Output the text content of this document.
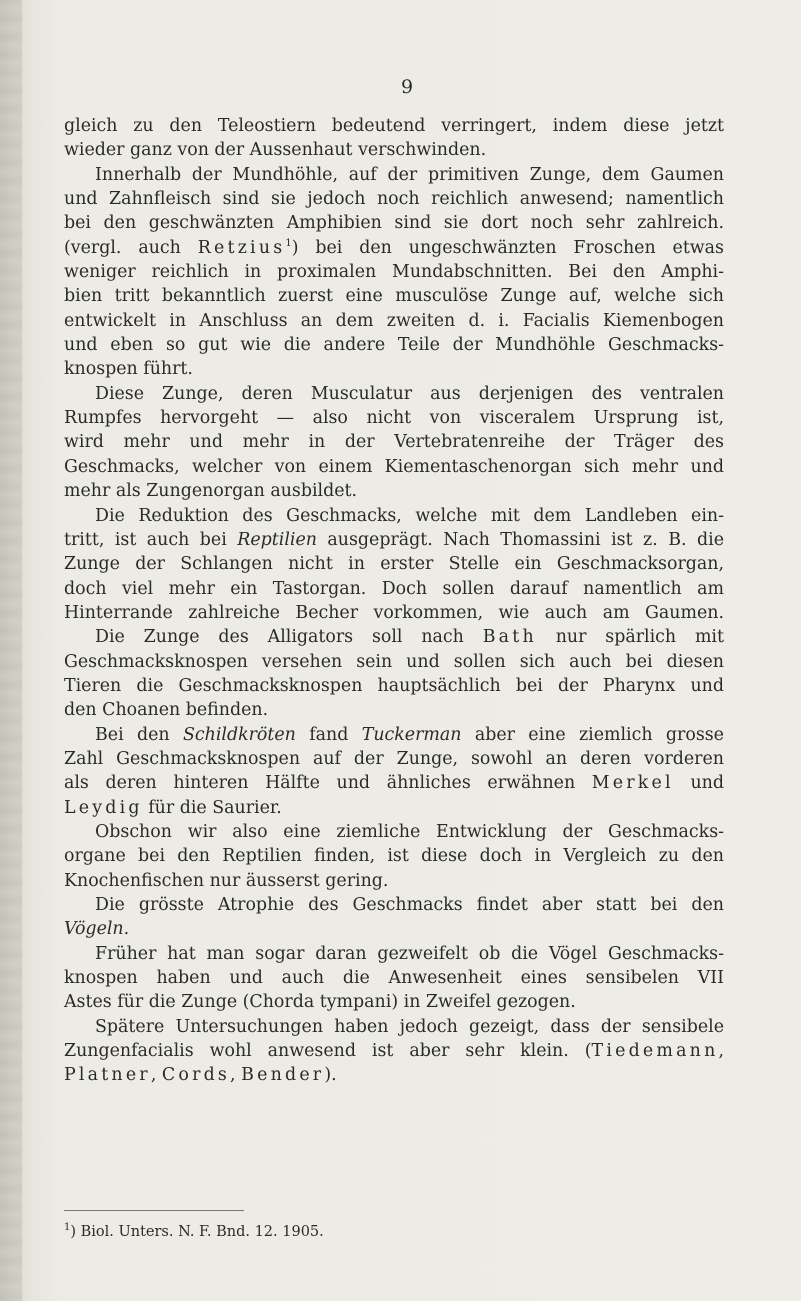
9
gleich zu den Teleostiern bedeutend verringert, indem diese jetzt
wieder ganz von der Aussenhaut verschwinden.
Innerhalb der Mundhöhle, auf der primitiven Zunge, dem Gaumen
und Zahnfleisch sind sie jedoch noch reichlich anwesend; namentlich
bei den geschwänzten Amphibien sind sie dort noch sehr zahlreich.
(vergl. auch Retzius$^1$) bei den ungeschwänzten Froschen etwas
weniger reichlich in proximalen Mundabschnitten. Bei den Amphi-
bien tritt bekanntlich zuerst eine musculöse Zunge auf, welche sich
entwickelt in Anschluss an dem zweiten d. i. Facialis Kiemenbogen
und eben so gut wie die andere Teile der Mundhöhle Geschmacks-
knospen führt.
Diese Zunge, deren Musculatur aus derjenigen des ventralen
Rumpfes hervorgeht — also nicht von visceralem Ursprung ist,
wird mehr und mehr in der Vertebratenreihe der Träger des
Geschmacks, welcher von einem Kiementaschenorgan sich mehr und
mehr als Zungenorgan ausbildet.
Die Reduktion des Geschmacks, welche mit dem Landleben ein-
tritt, ist auch bei Reptilien ausgeprägt. Nach Thomassini ist z. B. die
Zunge der Schlangen nicht in erster Stelle ein Geschmacksorgan,
doch viel mehr ein Tastorgan. Doch sollen darauf namentlich am
Hinterrande zahlreiche Becher vorkommen, wie auch am Gaumen.
Die Zunge des Alligators soll nach Bath nur spärlich mit
Geschmacksknospen versehen sein und sollen sich auch bei diesen
Tieren die Geschmacksknospen hauptsächlich bei der Pharynx und
den Choanen befinden.
Bei den Schildkröten fand Tuckerman aber eine ziemlich grosse
Zahl Geschmacksknospen auf der Zunge, sowohl an deren vorderen
als deren hinteren Hälfte und ähnliches erwähnen Merkel und
Leydig für die Saurier.
Obschon wir also eine ziemliche Entwicklung der Geschmacks-
organe bei den Reptilien finden, ist diese doch in Vergleich zu den
Knochenfischen nur äusserst gering.
Die grösste Atrophie des Geschmacks findet aber statt bei den
Vögeln.
Früher hat man sogar daran gezweifelt ob die Vögel Geschmacks-
knospen haben und auch die Anwesenheit eines sensibelen VII
Astes für die Zunge (Chorda tympani) in Zweifel gezogen.
Spätere Untersuchungen haben jedoch gezeigt, dass der sensibele
Zungenfacialis wohl anwesend ist aber sehr klein. (Tiedemann,
Platner, Cords, Bender).
$^1$) Biol. Unters. N. F. Bnd. 12. 1905.
